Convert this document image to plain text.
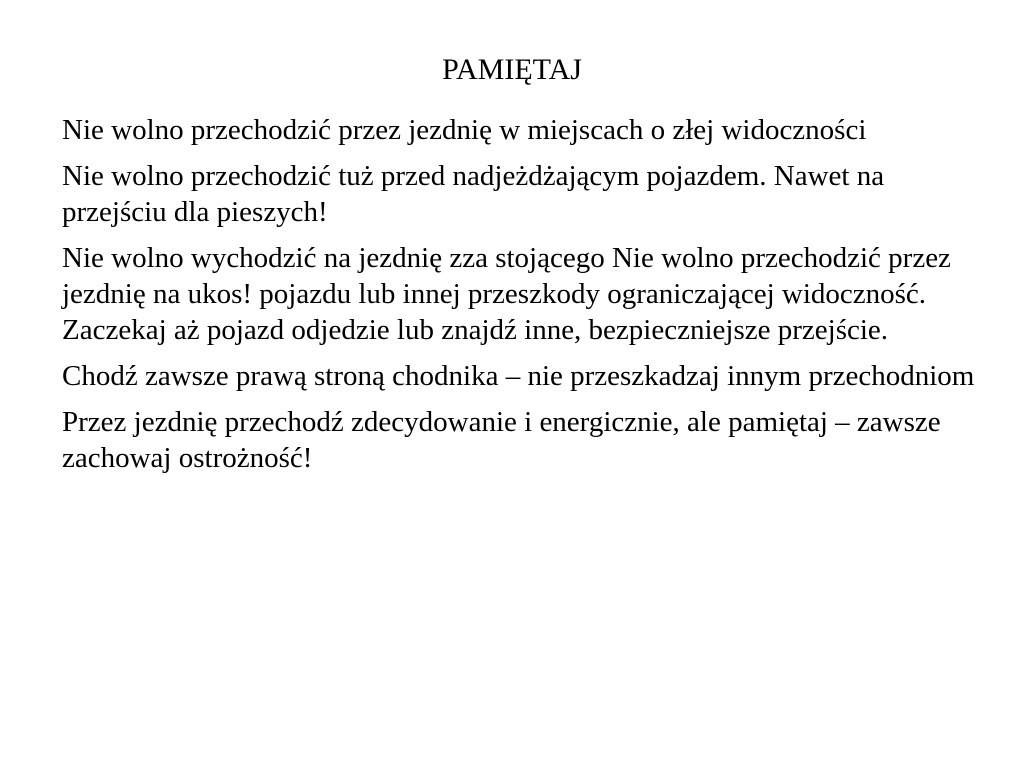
PAMIĘTAJ

Nie wolno przechodzić przez jezdnię w miejscach o złej widoczności

Nie wolno przechodzić tuż przed nadjeżdżającym pojazdem. Nawet na przejściu dla pieszych!

Nie wolno wychodzić na jezdnię zza stojącego Nie wolno przechodzić przez jezdnię na ukos! pojazdu lub innej przeszkody ograniczającej widoczność. Zaczekaj aż pojazd odjedzie lub znajdź inne, bezpieczniejsze przejście.

Chodź zawsze prawą stroną chodnika – nie przeszkadzaj innym przechodniom

Przez jezdnię przechodź zdecydowanie i energicznie, ale pamiętaj – zawsze zachowaj ostrożność!
